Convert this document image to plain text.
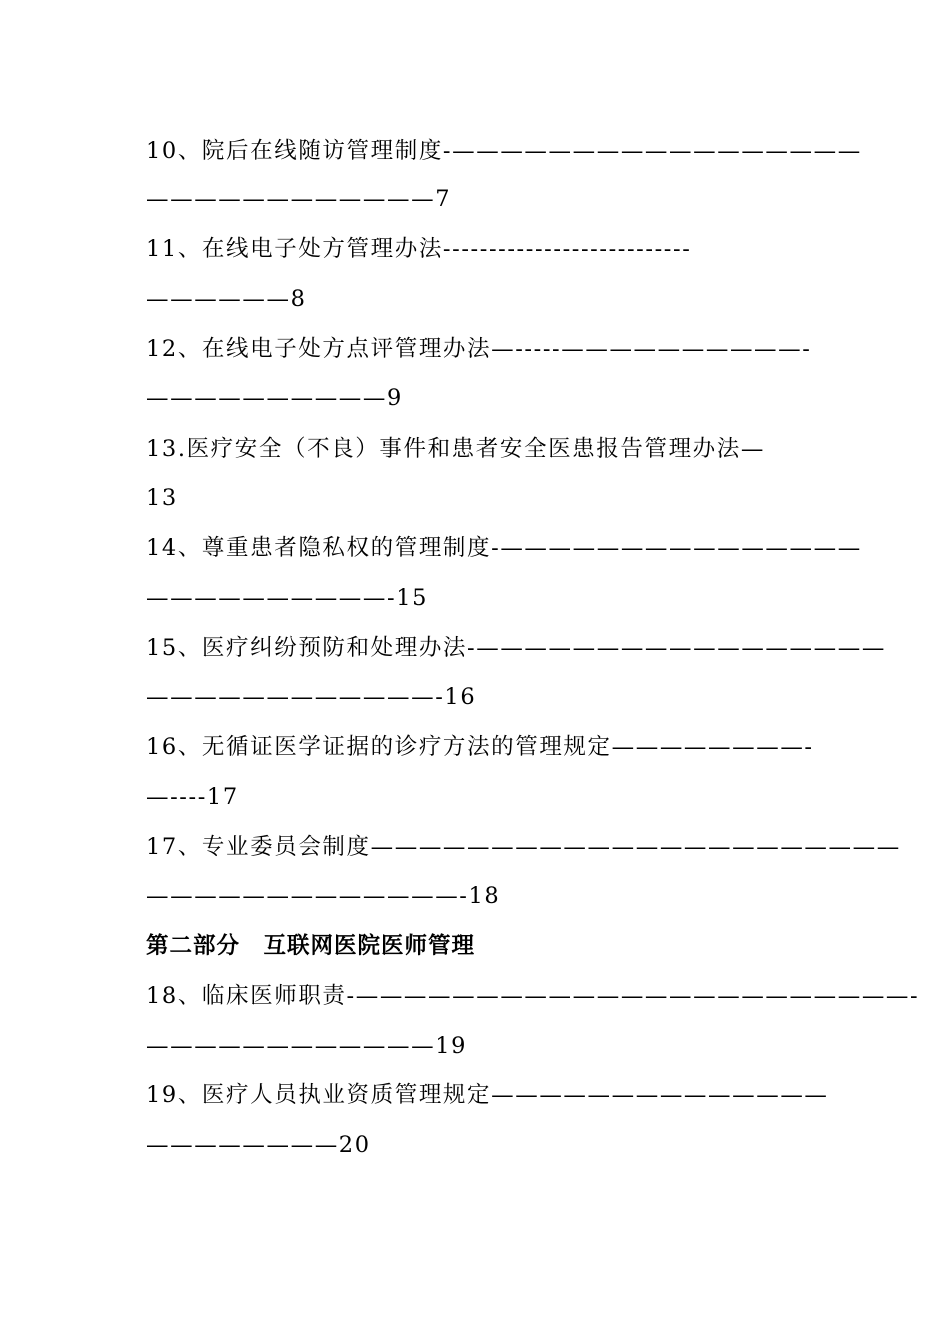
10、院后在线随访管理制度-—————————————————
————————————7
11、在线电子处方管理办法---------------------------
——————8
12、在线电子处方点评管理办法—-----——————————-
——————————9
13.医疗安全（不良）事件和患者安全医患报告管理办法—
13
14、尊重患者隐私权的管理制度-———————————————
——————————-15
15、医疗纠纷预防和处理办法-—————————————————
————————————-16
16、无循证医学证据的诊疗方法的管理规定————————-
—----17
17、专业委员会制度——————————————————————
—————————————-18
第二部分　互联网医院医师管理
18、临床医师职责-———————————————————————-
————————————19
19、医疗人员执业资质管理规定——————————————
————————20
